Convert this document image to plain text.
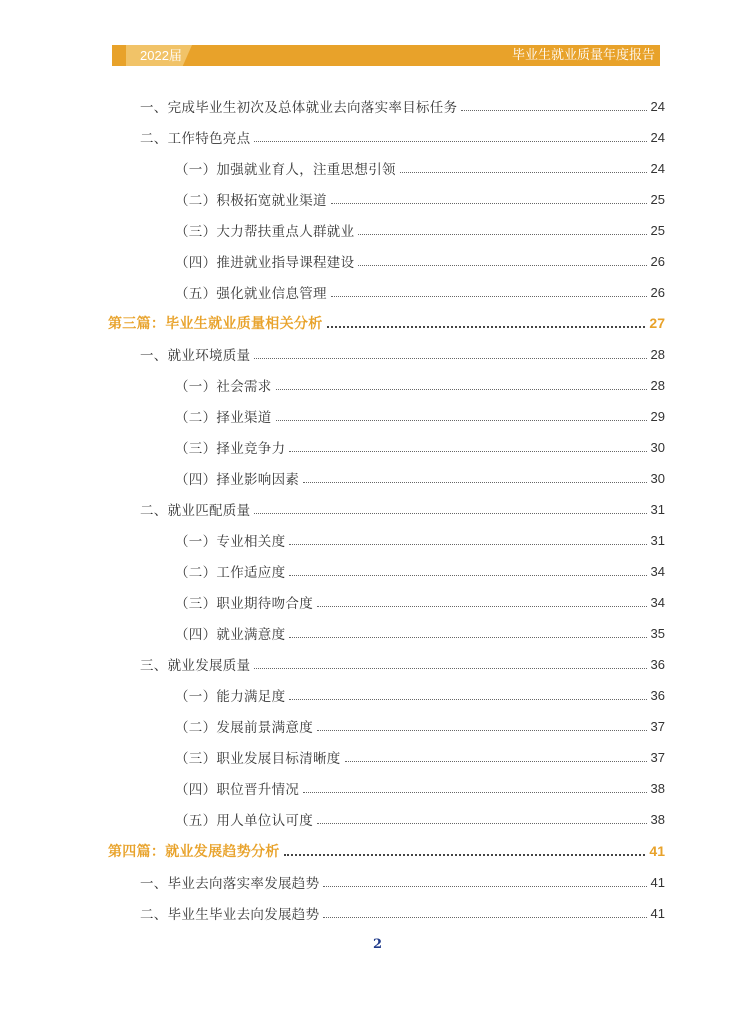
2022届	毕业生就业质量年度报告
一、完成毕业生初次及总体就业去向落实率目标任务	24
二、工作特色亮点	24
（一）加强就业育人，注重思想引领	24
（二）积极拓宽就业渠道	25
（三）大力帮扶重点人群就业	25
（四）推进就业指导课程建设	26
（五）强化就业信息管理	26
第三篇：毕业生就业质量相关分析	27
一、就业环境质量	28
（一）社会需求	28
（二）择业渠道	29
（三）择业竞争力	30
（四）择业影响因素	30
二、就业匹配质量	31
（一）专业相关度	31
（二）工作适应度	34
（三）职业期待吻合度	34
（四）就业满意度	35
三、就业发展质量	36
（一）能力满足度	36
（二）发展前景满意度	37
（三）职业发展目标清晰度	37
（四）职位晋升情况	38
（五）用人单位认可度	38
第四篇：就业发展趋势分析	41
一、毕业去向落实率发展趋势	41
二、毕业生毕业去向发展趋势	41
2
